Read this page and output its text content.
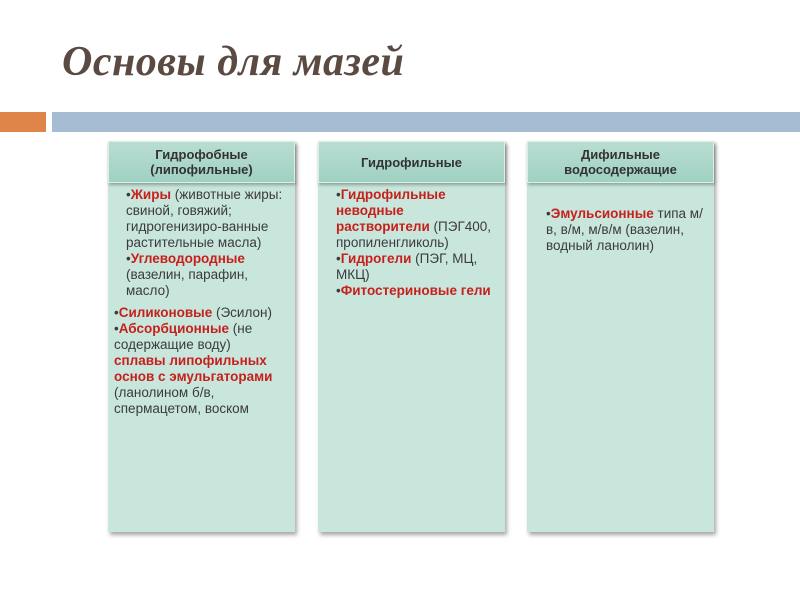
Основы для мазей
Гидрофобные
(липофильные)

•Жиры (животные жиры: свиной, говяжий; гидрогенизиро-ванные растительные масла)

•Углеводородные (вазелин, парафин, масло)

•Силиконовые (Эсилон)

•Абсорбционные (не содержащие воду)

сплавы липофильных основ с эмульгаторами (ланолином б/в, спермацетом, воском

Гидрофильные

•Гидрофильные неводные растворители (ПЭГ400, пропиленгликоль)

•Гидрогели (ПЭГ, МЦ, МКЦ)

•Фитостериновые гели

Дифильные
водосодержащие

•Эмульсионные типа м/в, в/м, м/в/м (вазелин, водный ланолин)
